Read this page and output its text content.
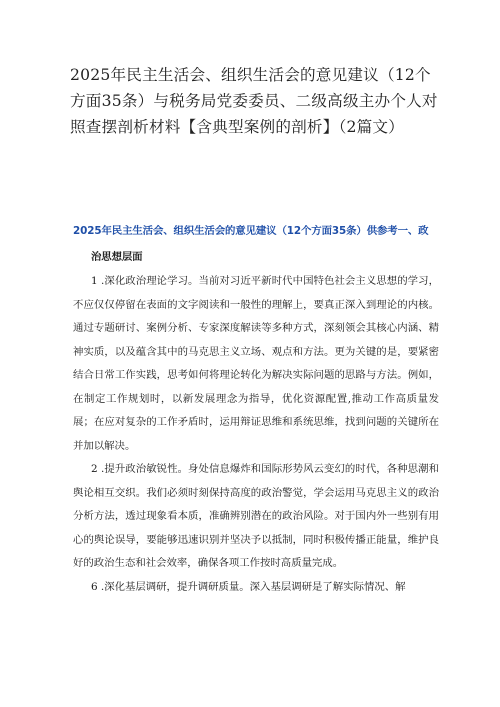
2025年民主生活会、组织生活会的意见建议（12个方面35条）与税务局党委委员、二级高级主办个人对照查摆剖析材料【含典型案例的剖析】（2篇文）
2025年民主生活会、组织生活会的意见建议（12个方面35条）供参考一、政
治思想层面

1 .深化政治理论学习。当前对习近平新时代中国特色社会主义思想的学习，不应仅仅停留在表面的文字阅读和一般性的理解上，要真正深入到理论的内核。通过专题研讨、案例分析、专家深度解读等多种方式，深刻领会其核心内涵、精神实质，以及蕴含其中的马克思主义立场、观点和方法。更为关键的是，要紧密结合日常工作实践，思考如何将理论转化为解决实际问题的思路与方法。例如，在制定工作规划时，以新发展理念为指导，优化资源配置,推动工作高质量发展；在应对复杂的工作矛盾时，运用辩证思维和系统思维，找到问题的关键所在并加以解决。

2 .提升政治敏锐性。身处信息爆炸和国际形势风云变幻的时代，各种思潮和舆论相互交织。我们必须时刻保持高度的政治警觉，学会运用马克思主义的政治分析方法，透过现象看本质，准确辨别潜在的政治风险。对于国内外一些别有用心的舆论误导，要能够迅速识别并坚决予以抵制，同时积极传播正能量，维护良好的政治生态和社会效率，确保各项工作按时高质量完成。

6 .深化基层调研，提升调研质量。深入基层调研是了解实际情况、解
